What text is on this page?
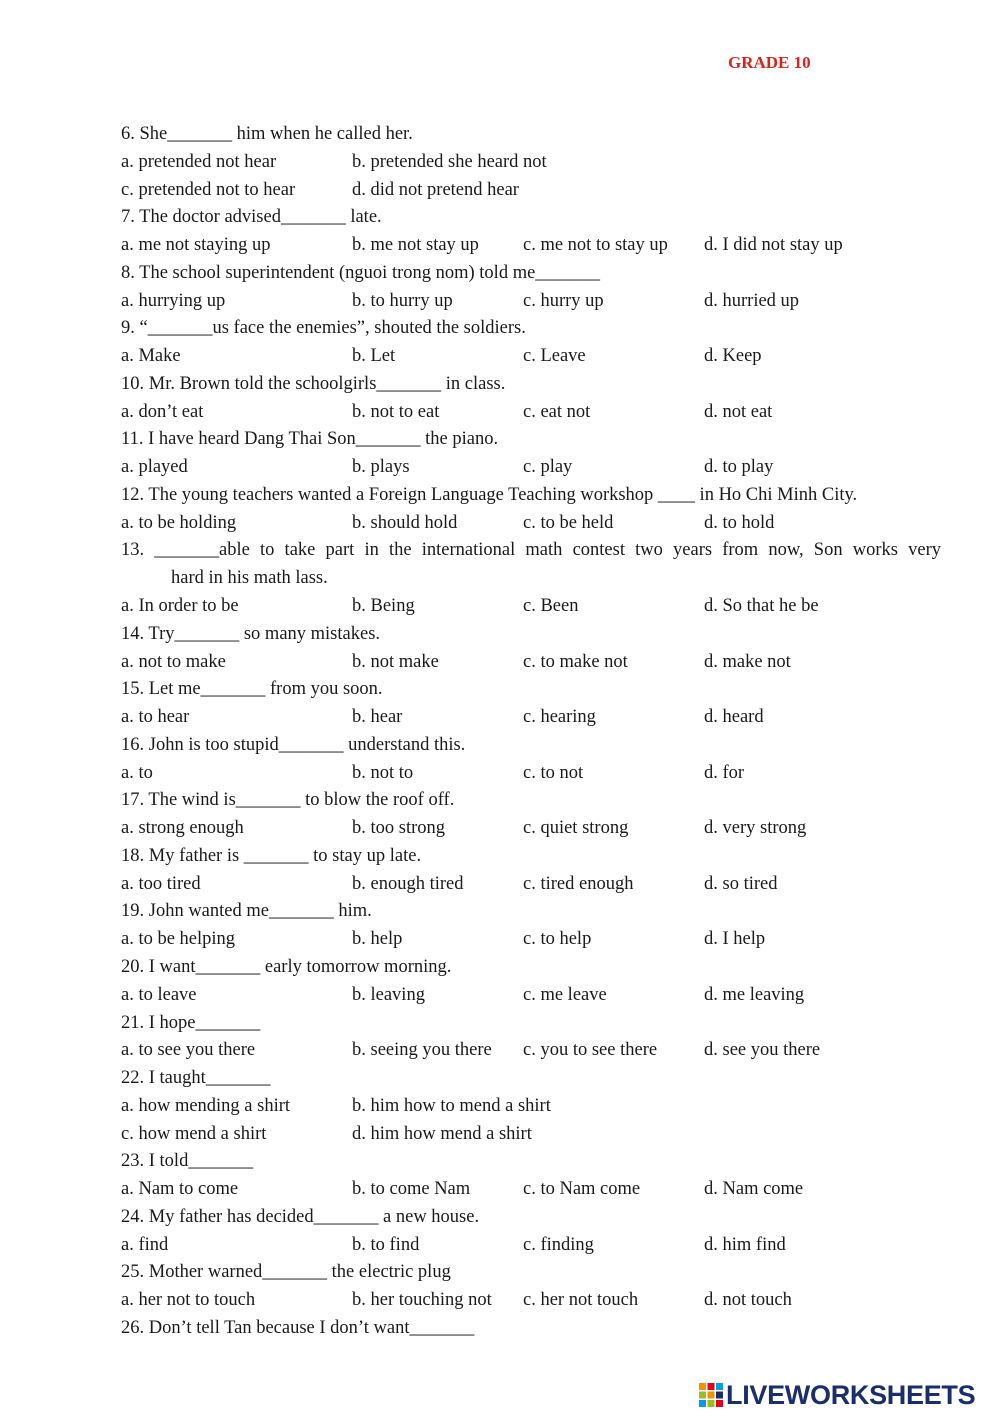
GRADE 10
6. She_______ him when he called her.
a. pretended not hear	b. pretended she heard not
c. pretended not to hear	d. did not pretend hear
7. The doctor advised_______ late.
a. me not staying up	b. me not stay up c. me not to stay up d. I did not stay up
8. The school superintendent (nguoi trong nom) told me_______
a. hurrying up	b. to hurry up	c. hurry up	d. hurried up
9. “_______us face the enemies”, shouted the soldiers.
a. Make	b. Let	c. Leave	d. Keep
10. Mr. Brown told the schoolgirls_______ in class.
a. don’t eat	b. not to eat	c. eat not	d. not eat
11. I have heard Dang Thai Son_______ the piano.
a. played	b. plays	c. play	d. to play
12. The young teachers wanted a Foreign Language Teaching workshop ____ in Ho Chi Minh City.
a. to be holding	b. should hold	c. to be held	d. to hold
13. _______able to take part in the international math contest two years from now, Son works very
hard in his math lass.
a. In order to be	b. Being	c. Been	d. So that he be
14. Try_______ so many mistakes.
a. not to make	b. not make	c. to make not	d. make not
15. Let me_______ from you soon.
a. to hear	b. hear	c. hearing	d. heard
16. John is too stupid_______ understand this.
a. to	b. not to	c. to not	d. for
17. The wind is_______ to blow the roof off.
a. strong enough	b. too strong	c. quiet strong	d. very strong
18. My father is _______ to stay up late.
a. too tired	b. enough tired	c. tired enough	d. so tired
19. John wanted me_______ him.
a. to be helping	b. help	c. to help	d. I help
20. I want_______ early tomorrow morning.
a. to leave	b. leaving	c. me leave	d. me leaving
21. I hope_______
a. to see you there	b. seeing you there c. you to see there	d. see you there
22. I taught_______
a. how mending a shirt	b. him how to mend a shirt
c. how mend a shirt	d. him how mend a shirt
23. I told_______
a. Nam to come	b. to come Nam	c. to Nam come	d. Nam come
24. My father has decided_______ a new house.
a. find	b. to find	c. finding	d. him find
25. Mother warned_______ the electric plug
a. her not to touch	b. her touching not c. her not touch	d. not touch
26. Don’t tell Tan because I don’t want_______
LIVEWORKSHEETS
